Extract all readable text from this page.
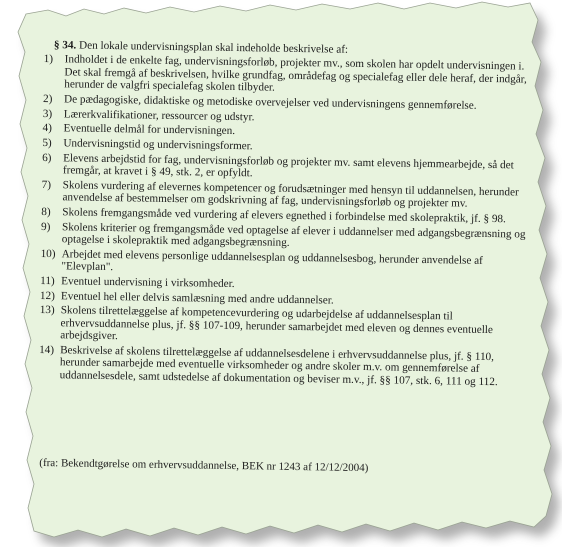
§ 34. Den lokale undervisningsplan skal indeholde beskrivelse af:
1)	Indholdet i de enkelte fag, undervisningsforløb, projekter mv., som skolen har opdelt undervisningen i. Det skal fremgå af beskrivelsen, hvilke grundfag, områdefag og specialefag eller dele heraf, der indgår, herunder de valgfri specialefag skolen tilbyder.
2)	De pædagogiske, didaktiske og metodiske overvejelser ved undervisningens gennemførelse.
3)	Lærerkvalifikationer, ressourcer og udstyr.
4)	Eventuelle delmål for undervisningen.
5)	Undervisningstid og undervisningsformer.
6)	Elevens arbejdstid for fag, undervisningsforløb og projekter mv. samt elevens hjemmearbejde, så det fremgår, at kravet i § 49, stk. 2, er opfyldt.
7)	Skolens vurdering af elevernes kompetencer og forudsætninger med hensyn til uddannelsen, herunder anvendelse af bestemmelser om godskrivning af fag, undervisningsforløb og projekter mv.
8)	Skolens fremgangsmåde ved vurdering af elevers egnethed i forbindelse med skolepraktik, jf. § 98.
9)	Skolens kriterier og fremgangsmåde ved optagelse af elever i uddannelser med adgangsbegrænsning og optagelse i skolepraktik med adgangsbegrænsning.
10) Arbejdet med elevens personlige uddannelsesplan og uddannelsesbog, herunder anvendelse af "Elevplan".
11) Eventuel undervisning i virksomheder.
12) Eventuel hel eller delvis samlæsning med andre uddannelser.
13) Skolens tilrettelæggelse af kompetencevurdering og udarbejdelse af uddannelsesplan til erhvervsuddannelse plus, jf. §§ 107-109, herunder samarbejdet med eleven og dennes eventuelle arbejdsgiver.
14) Beskrivelse af skolens tilrettelæggelse af uddannelsesdelene i erhvervsuddannelse plus, jf. § 110, herunder samarbejde med eventuelle virksomheder og andre skoler m.v. om gennemførelse af uddannelsesdele, samt udstedelse af dokumentation og beviser m.v., jf. §§ 107, stk. 6, 111 og 112.
(fra: Bekendtgørelse om erhvervsuddannelse, BEK nr 1243 af 12/12/2004)
